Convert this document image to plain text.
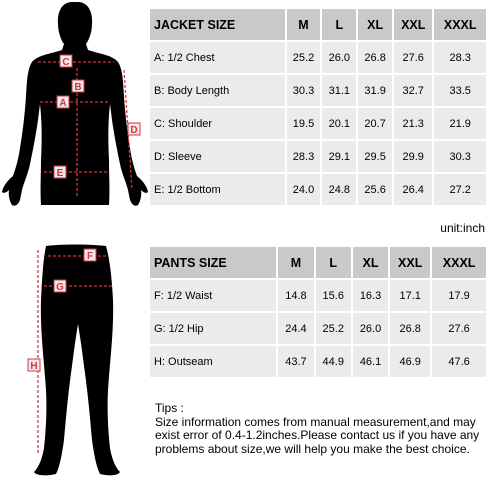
C
B
A
D
E
F
G
H
JACKET SIZE	M	L	XL	XXL	XXXL
A: 1/2 Chest	25.2	26.0	26.8	27.6	28.3
B: Body Length	30.3	31.1	31.9	32.7	33.5
C: Shoulder	19.5	20.1	20.7	21.3	21.9
D: Sleeve	28.3	29.1	29.5	29.9	30.3
E: 1/2 Bottom	24.0	24.8	25.6	26.4	27.2
unit:inch
PANTS SIZE	M	L	XL	XXL	XXXL
F: 1/2 Waist	14.8	15.6	16.3	17.1	17.9
G: 1/2 Hip	24.4	25.2	26.0	26.8	27.6
H: Outseam	43.7	44.9	46.1	46.9	47.6
Tips :
Size information comes from manual measurement,and may exist error of 0.4-1.2inches.Please contact us if you have any problems about size,we will help you make the best choice.
